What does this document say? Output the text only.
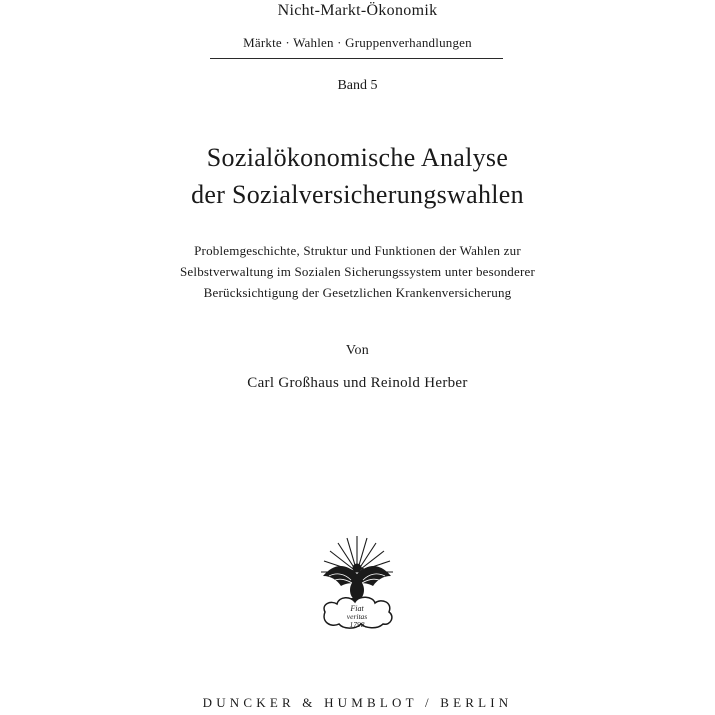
Nicht-Markt-Ökonomik
Märkte · Wahlen · Gruppenverhandlungen
Band 5
Sozialökonomische Analyse
der Sozialversicherungswahlen
Problemgeschichte, Struktur und Funktionen der Wahlen zur
Selbstverwaltung im Sozialen Sicherungssystem unter besonderer
Berücksichtigung der Gesetzlichen Krankenversicherung
Von
Carl Großhaus und Reinold Herber
Fiat
veritas
1798
DUNCKER & HUMBLOT / BERLIN
